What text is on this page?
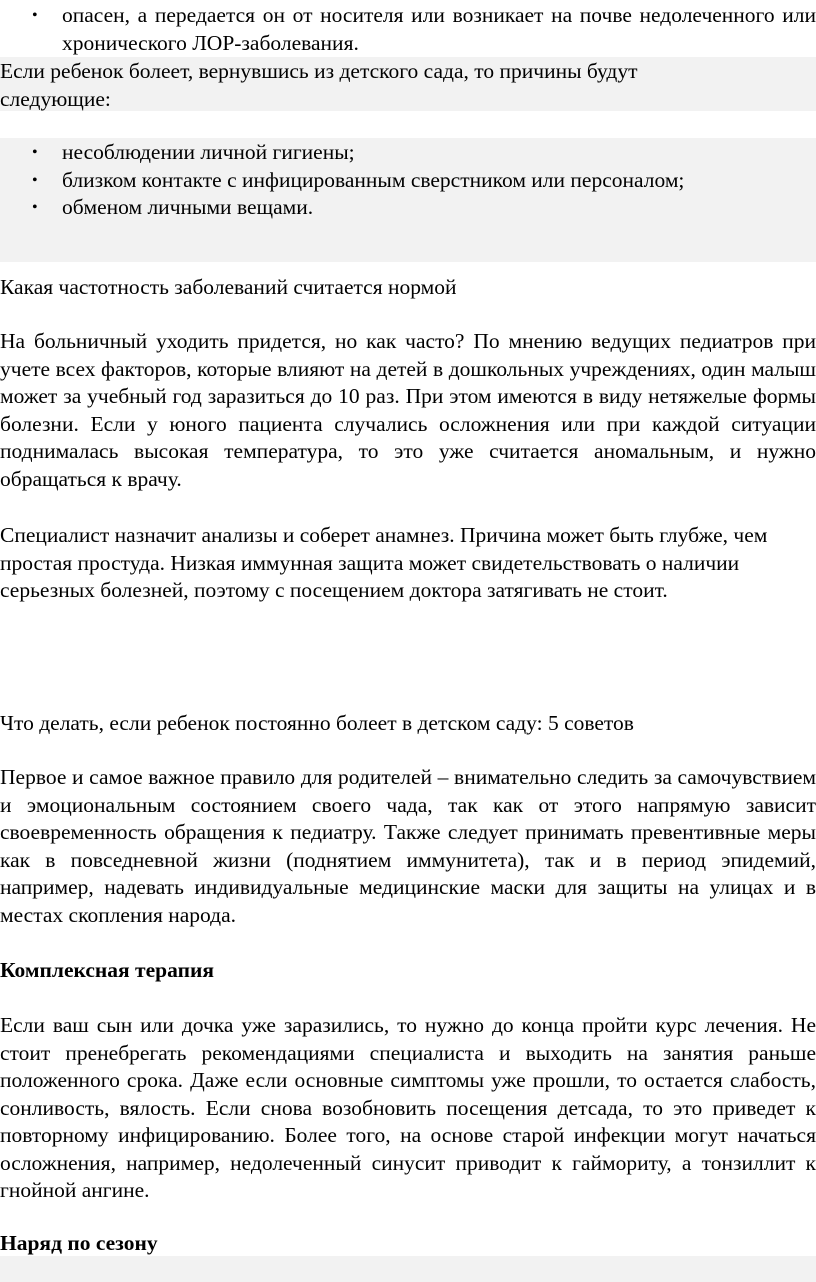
• опасен, а передается он от носителя или возникает на почве недолеченного или хронического ЛОР-заболевания.

Если ребенок болеет, вернувшись из детского сада, то причины будут следующие:

• несоблюдении личной гигиены;
• близком контакте с инфицированным сверстником или персоналом;
• обменом личными вещами.

Какая частотность заболеваний считается нормой

На больничный уходить придется, но как часто? По мнению ведущих педиатров при учете всех факторов, которые влияют на детей в дошкольных учреждениях, один малыш может за учебный год заразиться до 10 раз. При этом имеются в виду нетяжелые формы болезни. Если у юного пациента случались осложнения или при каждой ситуации поднималась высокая температура, то это уже считается аномальным, и нужно обращаться к врачу.

Специалист назначит анализы и соберет анамнез. Причина может быть глубже, чем простая простуда. Низкая иммунная защита может свидетельствовать о наличии серьезных болезней, поэтому с посещением доктора затягивать не стоит.

Что делать, если ребенок постоянно болеет в детском саду: 5 советов

Первое и самое важное правило для родителей – внимательно следить за самочувствием и эмоциональным состоянием своего чада, так как от этого напрямую зависит своевременность обращения к педиатру. Также следует принимать превентивные меры как в повседневной жизни (поднятием иммунитета), так и в период эпидемий, например, надевать индивидуальные медицинские маски для защиты на улицах и в местах скопления народа.

Комплексная терапия

Если ваш сын или дочка уже заразились, то нужно до конца пройти курс лечения. Не стоит пренебрегать рекомендациями специалиста и выходить на занятия раньше положенного срока. Даже если основные симптомы уже прошли, то остается слабость, сонливость, вялость. Если снова возобновить посещения детсада, то это приведет к повторному инфицированию. Более того, на основе старой инфекции могут начаться осложнения, например, недолеченный синусит приводит к гаймориту, а тонзиллит к гнойной ангине.

Наряд по сезону
